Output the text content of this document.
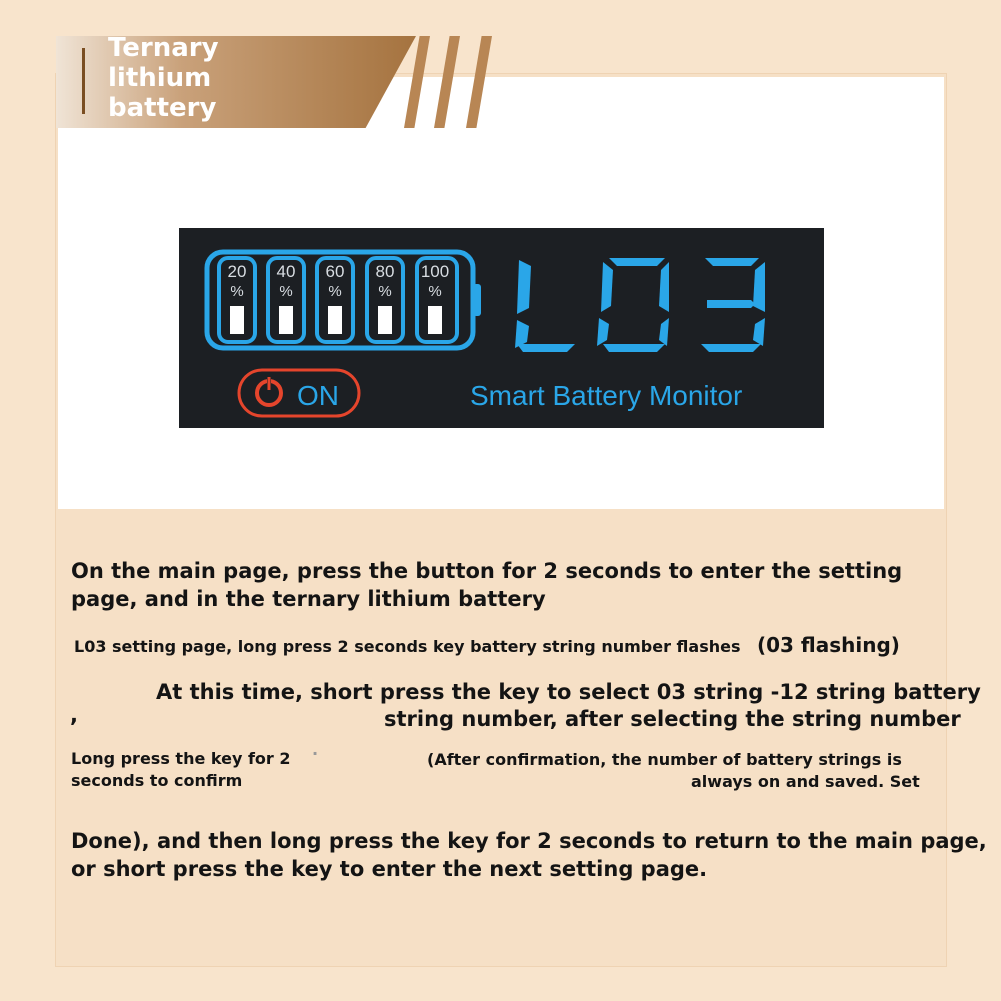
Ternary
lithium
battery
20 40 60 80 100
% % % % %
ON	Smart Battery Monitor
On the main page, press the button for 2 seconds to enter the setting
page, and in the ternary lithium battery
L03 setting page, long press 2 seconds key battery string number flashes (03 flashing)
At this time, short press the key to select 03 string -12 string battery
,	string number, after selecting the string number
Long press the key for 2
seconds to confirm
·	(After confirmation, the number of battery strings is
always on and saved. Set
Done), and then long press the key for 2 seconds to return to the main page,
or short press the key to enter the next setting page.
